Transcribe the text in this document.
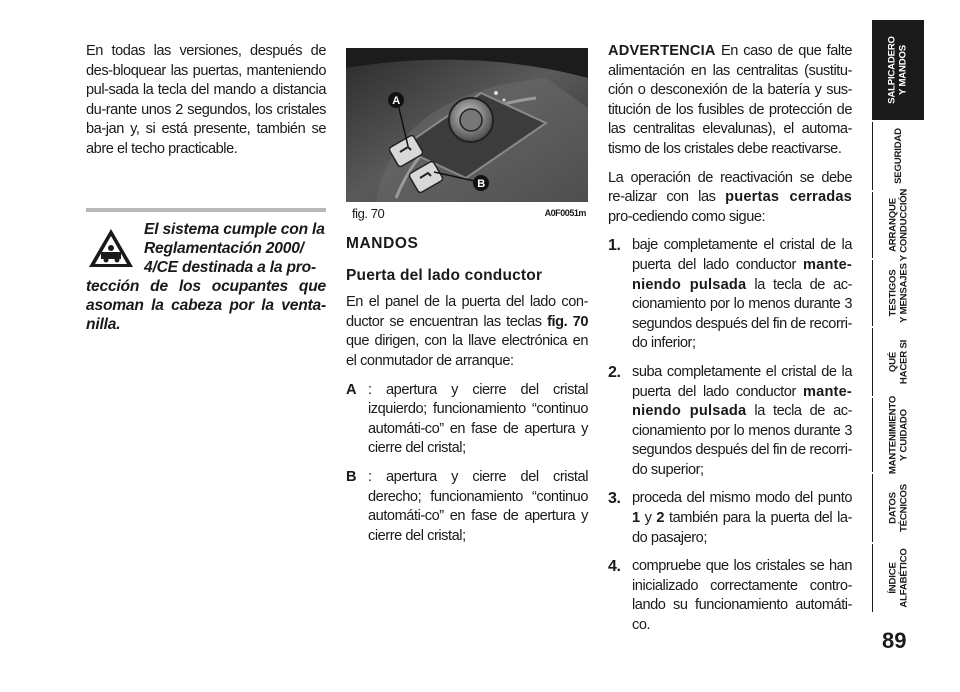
En todas las versiones, después de des-bloquear las puertas, manteniendo pul-sada la tecla del mando a distancia du-rante unos 2 segundos, los cristales ba-jan y, si está presente, también se abre el techo practicable.

El sistema cumple con la
Reglamentación 2000/
4/CE destinada a la pro-
tección de los ocupantes que asoman la cabeza por la venta-nilla.
A
B
fig. 70	A0F0051m
MANDOS
Puerta del lado conductor

En el panel de la puerta del lado con-ductor se encuentran las teclas fig. 70 que dirigen, con la llave electrónica en el conmutador de arranque:

A : apertura y cierre del cristal izquierdo; funcionamiento “continuo automáti-co” en fase de apertura y cierre del cristal;
B : apertura y cierre del cristal derecho; funcionamiento “continuo automáti-co” en fase de apertura y cierre del cristal;

ADVERTENCIA En caso de que falte alimentación en las centralitas (sustitu-ción o desconexión de la batería y sus-titución de los fusibles de protección de las centralitas elevalunas), el automa-tismo de los cristales debe reactivarse.

La operación de reactivación se debe re-alizar con las puertas cerradas pro-cediendo como sigue:

1. baje completamente el cristal de la puerta del lado conductor mante-niendo pulsada la tecla de ac-cionamiento por lo menos durante 3 segundos después del fin de recorri-do inferior;
2. suba completamente el cristal de la puerta del lado conductor mante-niendo pulsada la tecla de ac-cionamiento por lo menos durante 3 segundos después del fin de recorri-do superior;
3. proceda del mismo modo del punto 1 y 2 también para la puerta del la-do pasajero;
4. compruebe que los cristales se han inicializado correctamente contro-lando su funcionamiento automáti-co.
SALPICADERO
Y MANDOS
SEGURIDAD
ARRANQUE
Y CONDUCCIÓN
TESTIGOS
Y MENSAJES
QUÉ
HACER SI
MANTENIMIENTO
Y CUIDADO
DATOS
TÉCNICOS
ÍNDICE
ALFABÉTICO
89
